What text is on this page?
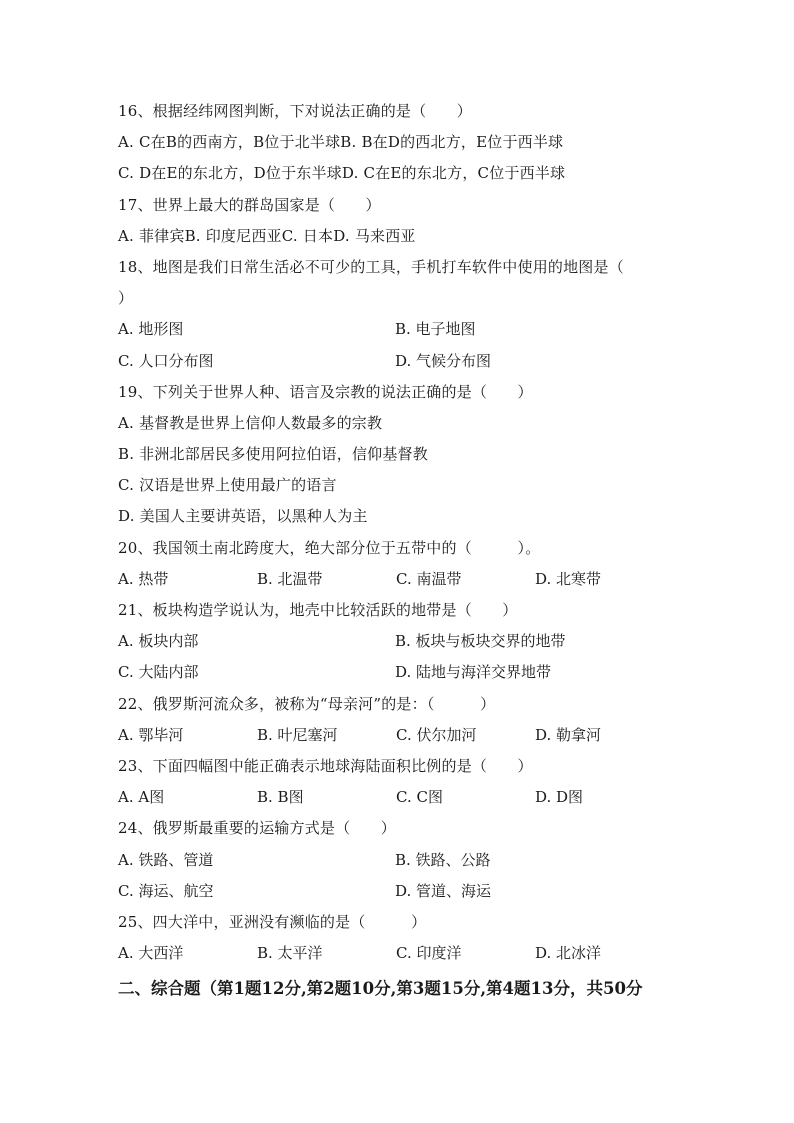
16、根据经纬网图判断，下对说法正确的是（　　）
A. C在B的西南方，B位于北半球B. B在D的西北方，E位于西半球
C. D在E的东北方，D位于东半球D. C在E的东北方，C位于西半球
17、世界上最大的群岛国家是（　　）
A. 菲律宾B. 印度尼西亚C. 日本D. 马来西亚
18、地图是我们日常生活必不可少的工具，手机打车软件中使用的地图是（
）
A. 地形图	B. 电子地图
C. 人口分布图	D. 气候分布图
19、下列关于世界人种、语言及宗教的说法正确的是（　　）
A. 基督教是世界上信仰人数最多的宗教
B. 非洲北部居民多使用阿拉伯语，信仰基督教
C. 汉语是世界上使用最广的语言
D. 美国人主要讲英语，以黑种人为主
20、我国领土南北跨度大，绝大部分位于五带中的（　　　）。
A. 热带	B. 北温带	C. 南温带	D. 北寒带
21、板块构造学说认为，地壳中比较活跃的地带是（　　）
A. 板块内部	B. 板块与板块交界的地带
C. 大陆内部	D. 陆地与海洋交界地带
22、俄罗斯河流众多，被称为“母亲河”的是：（　　　）
A. 鄂毕河	B. 叶尼塞河	C. 伏尔加河	D. 勒拿河
23、下面四幅图中能正确表示地球海陆面积比例的是（　　）
A. A图	B. B图	C. C图	D. D图
24、俄罗斯最重要的运输方式是（　　）
A. 铁路、管道	B. 铁路、公路
C. 海运、航空	D. 管道、海运
25、四大洋中，亚洲没有濒临的是（　　　）
A. 大西洋	B. 太平洋	C. 印度洋	D. 北冰洋
二、综合题（第1题12分,第2题10分,第3题15分,第4题13分，共50分
